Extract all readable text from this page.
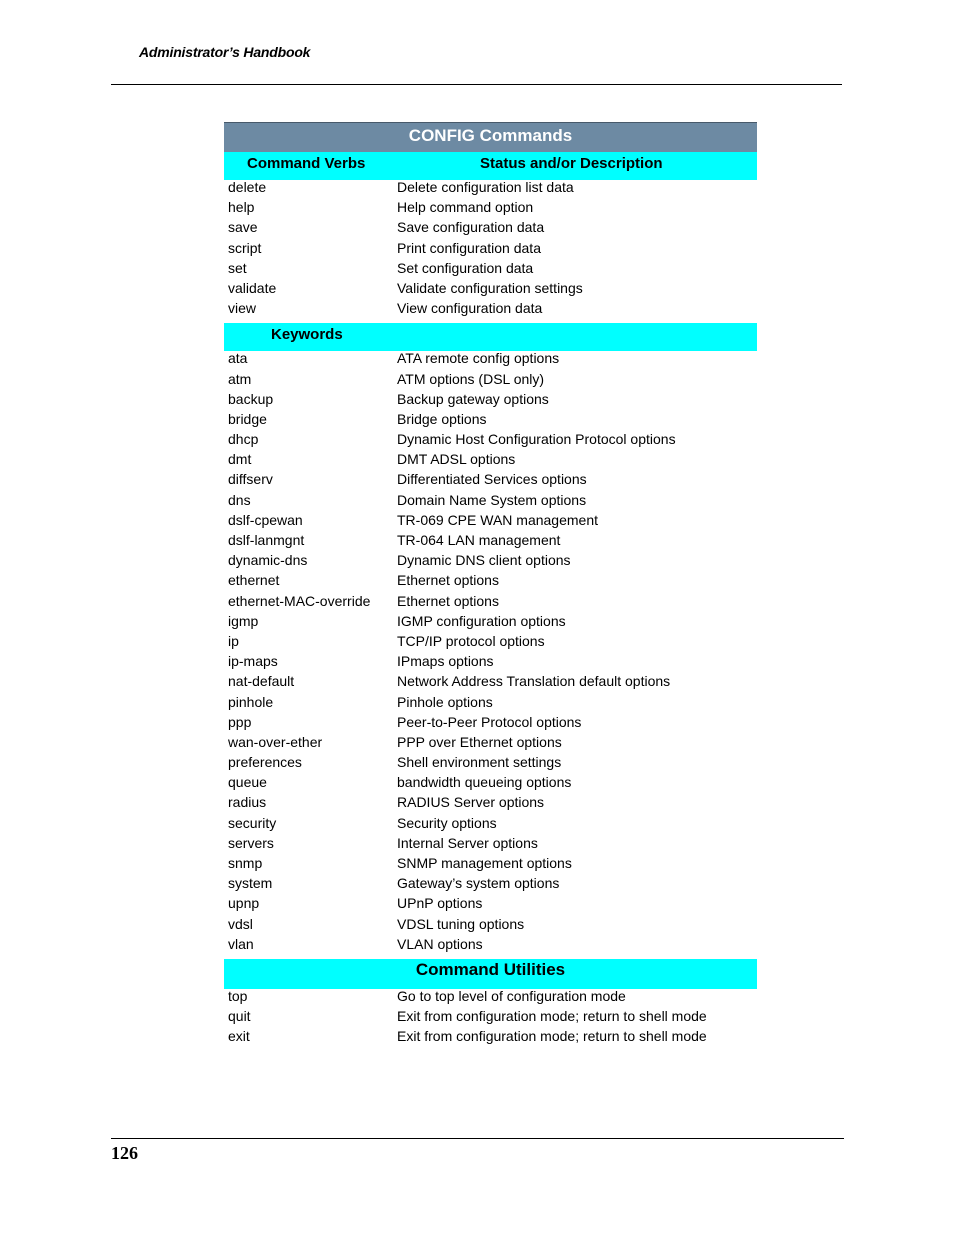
Administrator’s Handbook
CONFIG Commands
Command Verbs	Status and/or Description
delete	Delete configuration list data
help	Help command option
save	Save configuration data
script	Print configuration data
set	Set configuration data
validate	Validate configuration settings
view	View configuration data
Keywords
ata	ATA remote config options
atm	ATM options (DSL only)
backup	Backup gateway options
bridge	Bridge options
dhcp	Dynamic Host Configuration Protocol options
dmt	DMT ADSL options
diffserv	Differentiated Services options
dns	Domain Name System options
dslf-cpewan	TR-069 CPE WAN management
dslf-lanmgnt	TR-064 LAN management
dynamic-dns	Dynamic DNS client options
ethernet	Ethernet options
ethernet-MAC-override Ethernet options
igmp	IGMP configuration options
ip	TCP/IP protocol options
ip-maps	IPmaps options
nat-default	Network Address Translation default options
pinhole	Pinhole options
ppp	Peer-to-Peer Protocol options
wan-over-ether	PPP over Ethernet options
preferences	Shell environment settings
queue	bandwidth queueing options
radius	RADIUS Server options
security	Security options
servers	Internal Server options
snmp	SNMP management options
system	Gateway’s system options
upnp	UPnP options
vdsl	VDSL tuning options
vlan	VLAN options
Command Utilities
top	Go to top level of configuration mode
quit	Exit from configuration mode; return to shell mode
exit	Exit from configuration mode; return to shell mode
126
